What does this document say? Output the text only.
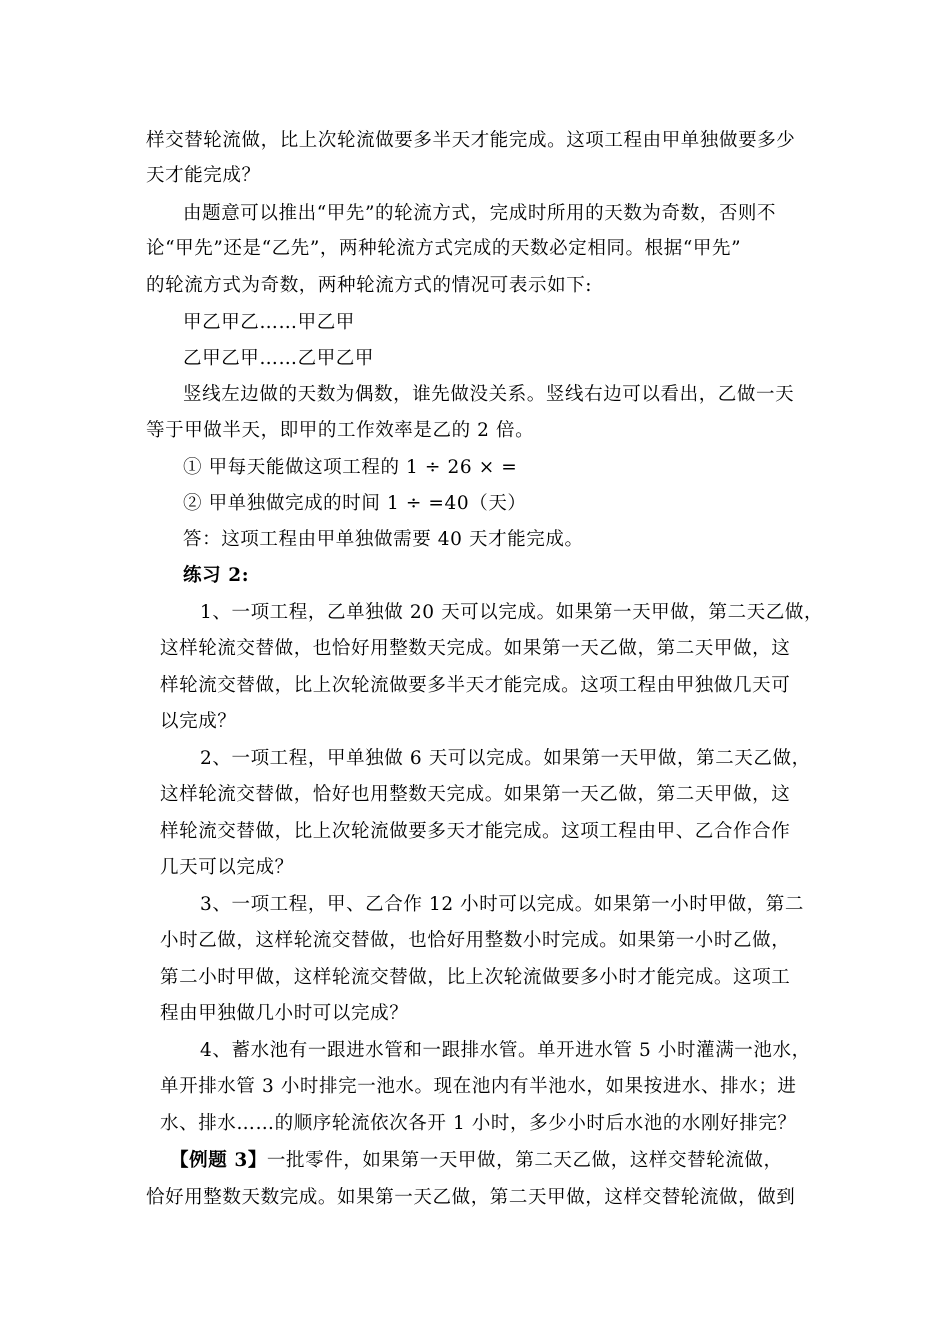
样交替轮流做，比上次轮流做要多半天才能完成。这项工程由甲单独做要多少
天才能完成？
由题意可以推出“甲先”的轮流方式，完成时所用的天数为奇数，否则不
论“甲先”还是“乙先”，两种轮流方式完成的天数必定相同。根据“甲先”
的轮流方式为奇数，两种轮流方式的情况可表示如下:
甲乙甲乙……甲乙甲
乙甲乙甲……乙甲乙甲
竖线左边做的天数为偶数，谁先做没关系。竖线右边可以看出，乙做一天
等于甲做半天，即甲的工作效率是乙的 2 倍。
① 甲每天能做这项工程的 1 ÷ 26 × =
② 甲单独做完成的时间 1 ÷ =40（天）
答：这项工程由甲单独做需要 40 天才能完成。
练习 2:
1、一项工程，乙单独做 20 天可以完成。如果第一天甲做，第二天乙做，
这样轮流交替做，也恰好用整数天完成。如果第一天乙做，第二天甲做，这
样轮流交替做，比上次轮流做要多半天才能完成。这项工程由甲独做几天可
以完成？
2、一项工程，甲单独做 6 天可以完成。如果第一天甲做，第二天乙做，
这样轮流交替做，恰好也用整数天完成。如果第一天乙做，第二天甲做，这
样轮流交替做，比上次轮流做要多天才能完成。这项工程由甲、乙合作合作
几天可以完成？
3、一项工程，甲、乙合作 12 小时可以完成。如果第一小时甲做，第二
小时乙做，这样轮流交替做，也恰好用整数小时完成。如果第一小时乙做，
第二小时甲做，这样轮流交替做，比上次轮流做要多小时才能完成。这项工
程由甲独做几小时可以完成？
4、蓄水池有一跟进水管和一跟排水管。单开进水管 5 小时灌满一池水，
单开排水管 3 小时排完一池水。现在池内有半池水，如果按进水、排水；进
水、排水……的顺序轮流依次各开 1 小时，多少小时后水池的水刚好排完？
【例题 3】一批零件，如果第一天甲做，第二天乙做，这样交替轮流做，
恰好用整数天数完成。如果第一天乙做，第二天甲做，这样交替轮流做，做到
